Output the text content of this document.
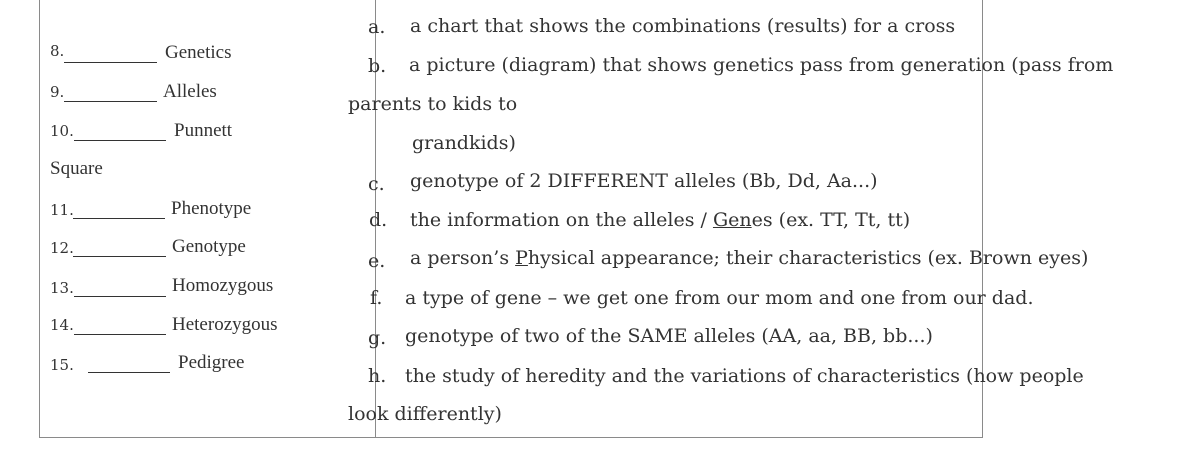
8.	Genetics
9.	Alleles
10.	Punnett
Square
11.	Phenotype
12.	Genotype
13.	Homozygous
14.	Heterozygous
15.	Pedigree
a. a chart that shows the combinations (results) for a cross
b. a picture (diagram) that shows genetics pass from generation (pass from
parents to kids to
grandkids)
c. genotype of 2 DIFFERENT alleles (Bb, Dd, Aa...)
d. the information on the alleles / Genes (ex. TT, Tt, tt)
e. a person’s Physical appearance; their characteristics (ex. Brown eyes)
f. a type of gene – we get one from our mom and one from our dad.
g. genotype of two of the SAME alleles (AA, aa, BB, bb...)
h. the study of heredity and the variations of characteristics (how people
look differently)
